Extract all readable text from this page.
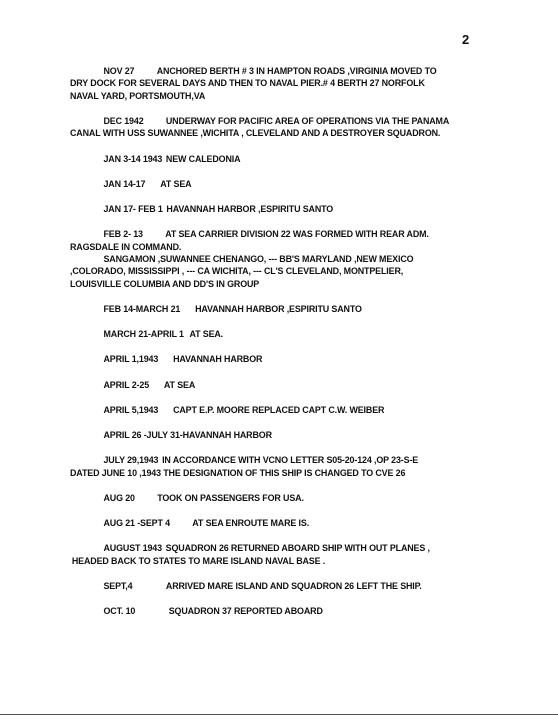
2
NOV 27 ANCHORED BERTH # 3 IN HAMPTON ROADS ,VIRGINIA MOVED TO
DRY DOCK FOR SEVERAL DAYS AND THEN TO NAVAL PIER.# 4 BERTH 27 NORFOLK
NAVAL YARD, PORTSMOUTH,VA
DEC 1942 UNDERWAY FOR PACIFIC AREA OF OPERATIONS VIA THE PANAMA
CANAL WITH USS SUWANNEE ,WICHITA , CLEVELAND AND A DESTROYER SQUADRON.
JAN 3-14 1943 NEW CALEDONIA
JAN 14-17 AT SEA
JAN 17- FEB 1 HAVANNAH HARBOR ,ESPIRITU SANTO
FEB 2- 13 AT SEA CARRIER DIVISION 22 WAS FORMED WITH REAR ADM.
RAGSDALE IN COMMAND.
SANGAMON ,SUWANNEE CHENANGO, --- BB'S MARYLAND ,NEW MEXICO
,COLORADO, MISSISSIPPI , --- CA WICHITA, --- CL'S CLEVELAND, MONTPELIER,
LOUISVILLE COLUMBIA AND DD'S IN GROUP
FEB 14-MARCH 21 HAVANNAH HARBOR ,ESPIRITU SANTO
MARCH 21-APRIL 1 AT SEA.
APRIL 1,1943 HAVANNAH HARBOR
APRIL 2-25 AT SEA
APRIL 5,1943 CAPT E.P. MOORE REPLACED CAPT C.W. WEIBER
APRIL 26 -JULY 31-HAVANNAH HARBOR
JULY 29,1943 IN ACCORDANCE WITH VCNO LETTER S05-20-124 ,OP 23-S-E
DATED JUNE 10 ,1943 THE DESIGNATION OF THIS SHIP IS CHANGED TO CVE 26
AUG 20 TOOK ON PASSENGERS FOR USA.
AUG 21 -SEPT 4 AT SEA ENROUTE MARE IS.
AUGUST 1943 SQUADRON 26 RETURNED ABOARD SHIP WITH OUT PLANES ,
HEADED BACK TO STATES TO MARE ISLAND NAVAL BASE .
SEPT,4	ARRIVED MARE ISLAND AND SQUADRON 26 LEFT THE SHIP.
OCT. 10	SQUADRON 37 REPORTED ABOARD
